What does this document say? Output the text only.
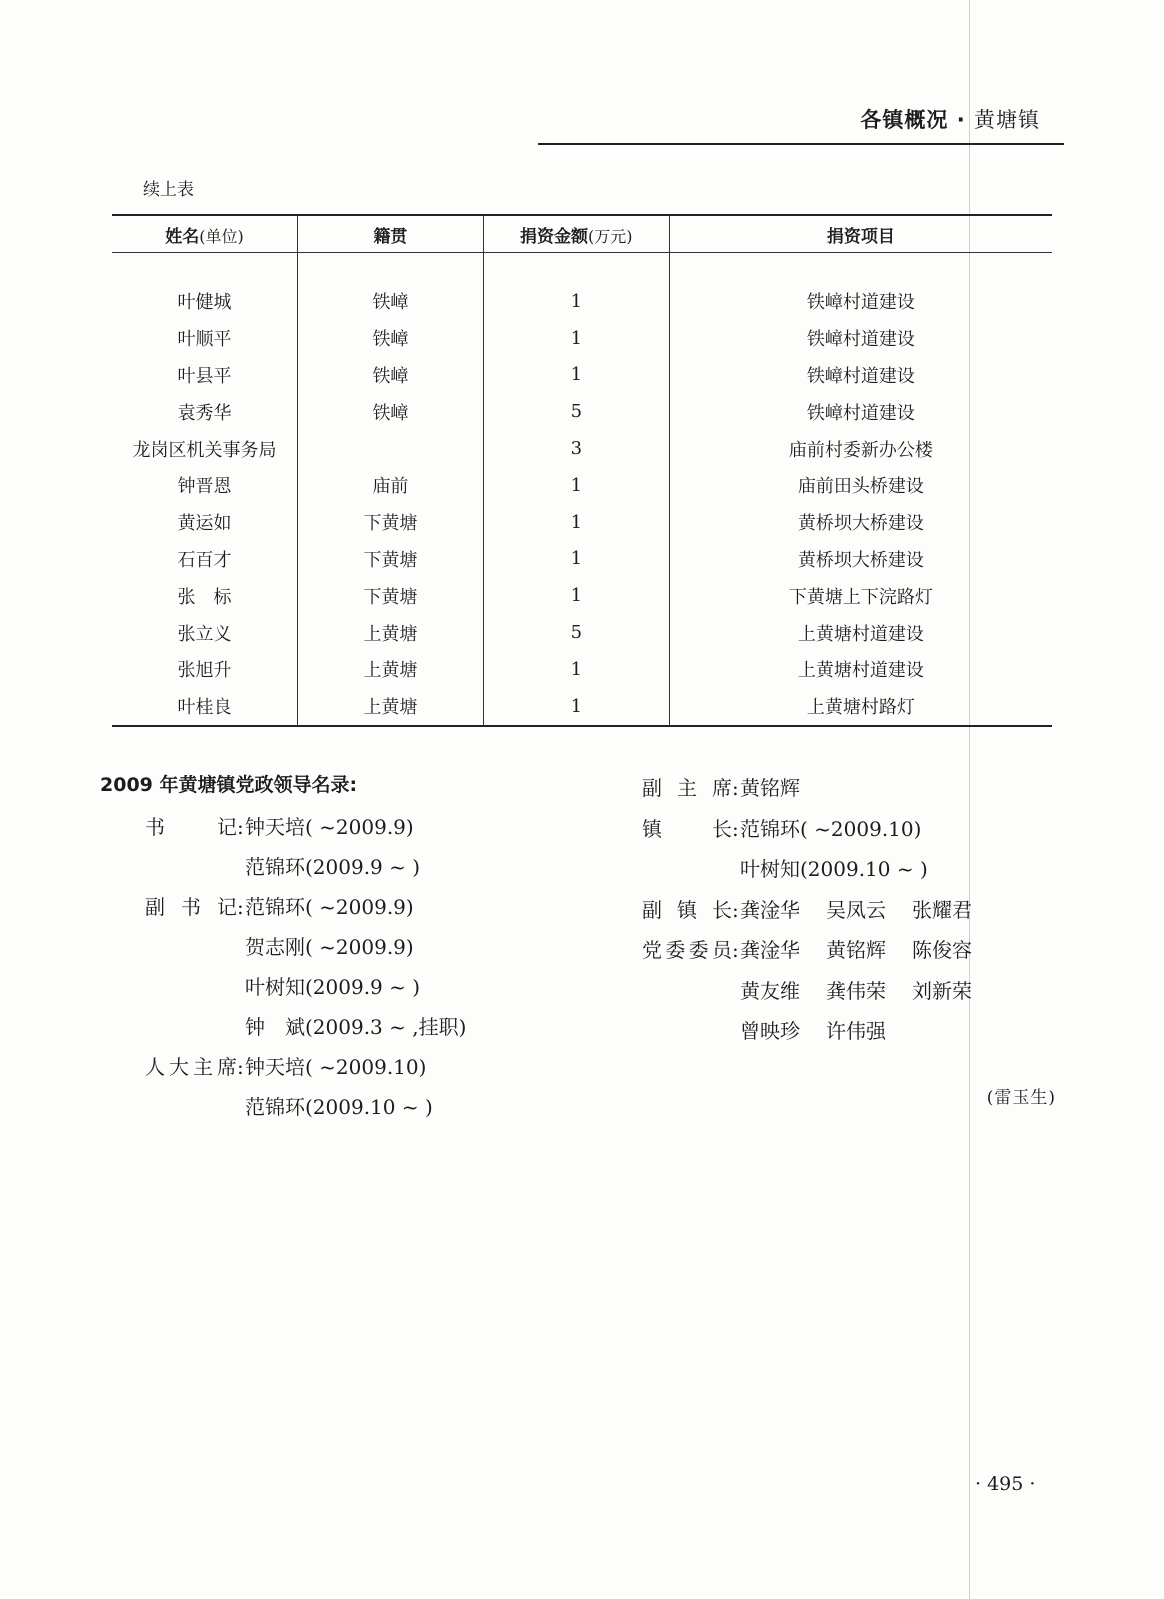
各镇概况 · 黄塘镇
续上表
姓名(单位)	籍贯	捐资金额(万元)	捐资项目

叶健城	铁嶂	1	铁嶂村道建设
叶顺平	铁嶂	1	铁嶂村道建设
叶县平	铁嶂	1	铁嶂村道建设
袁秀华	铁嶂	5	铁嶂村道建设
龙岗区机关事务局		3	庙前村委新办公楼
钟晋恩	庙前	1	庙前田头桥建设
黄运如	下黄塘	1	黄桥坝大桥建设
石百才	下黄塘	1	黄桥坝大桥建设
张　标	下黄塘	1	下黄塘上下浣路灯
张立义	上黄塘	5	上黄塘村道建设
张旭升	上黄塘	1	上黄塘村道建设
叶桂良	上黄塘	1	上黄塘村路灯
2009 年黄塘镇党政领导名录:
书记:钟天培( ~2009.9)
范锦环(2009.9 ~ )
副书记:范锦环( ~2009.9)
贺志刚( ~2009.9)
叶树知(2009.9 ~ )
钟　斌(2009.3 ~ ,挂职)
人大主席:钟天培( ~2009.10)
范锦环(2009.10 ~ )
副主席:黄铭辉
镇长:范锦环( ~2009.10)
叶树知(2009.10 ~ )
副镇长:龚淦华 吴凤云 张耀君
党委委员:龚淦华 黄铭辉 陈俊容
黄友维 龚伟荣 刘新荣
曾映珍 许伟强
(雷玉生)
· 495 ·
